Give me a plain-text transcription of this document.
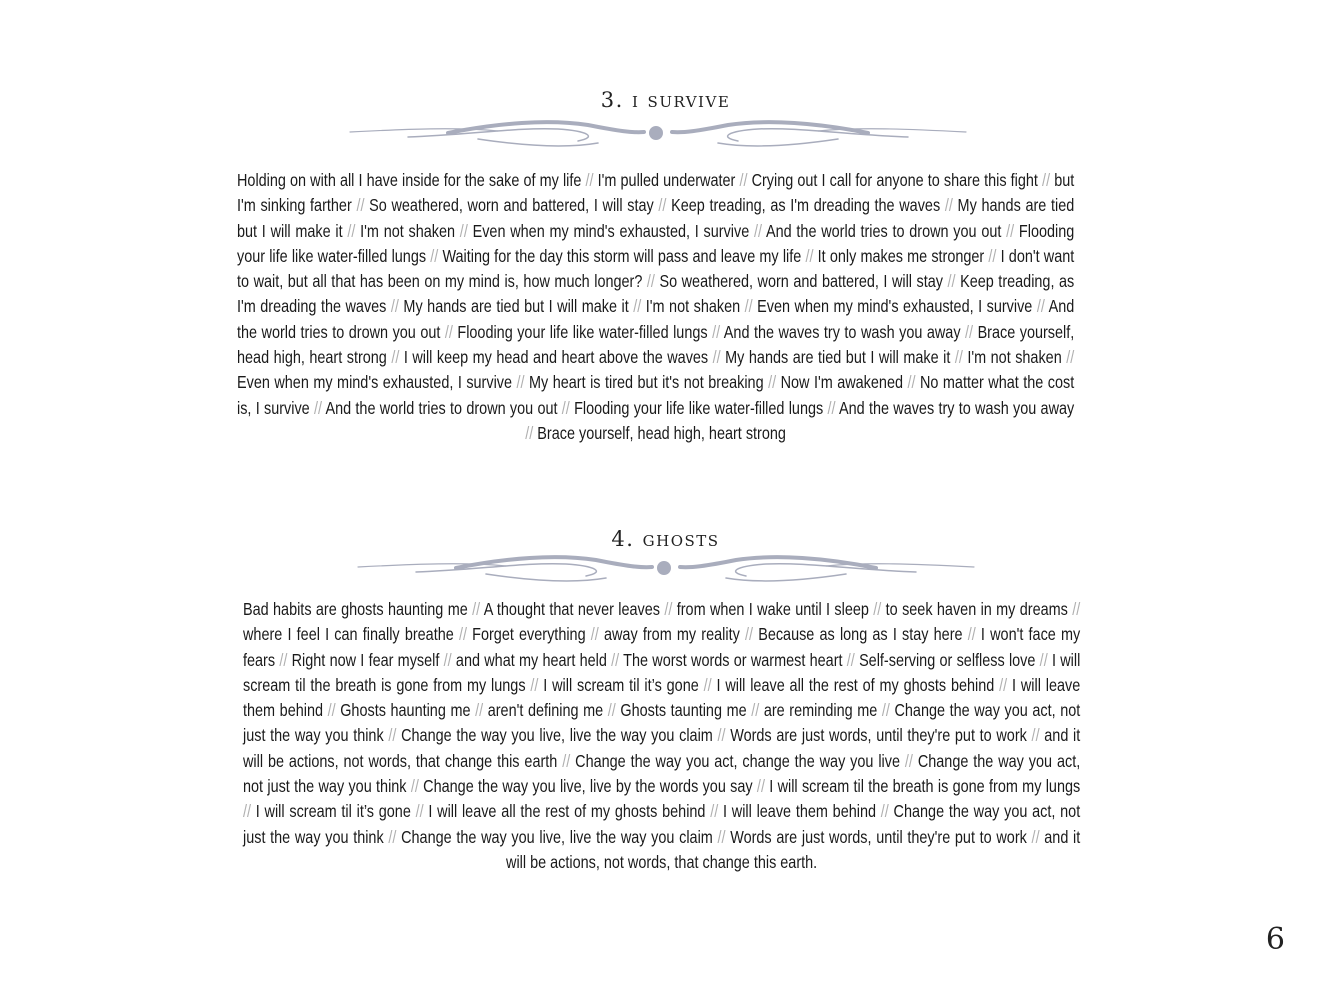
3. i survive

Holding on with all I have inside for the sake of my life // I'm pulled underwater // Crying out I call for anyone to share this fight // but I'm sinking farther // So weathered, worn and battered, I will stay // Keep treading, as I'm dreading the waves // My hands are tied but I will make it // I'm not shaken // Even when my mind's exhausted, I survive // And the world tries to drown you out // Flooding your life like water-filled lungs // Waiting for the day this storm will pass and leave my life // It only makes me stronger // I don't want to wait, but all that has been on my mind is, how much longer? // So weathered, worn and battered, I will stay // Keep treading, as I'm dreading the waves // My hands are tied but I will make it // I'm not shaken // Even when my mind's exhausted, I survive // And the world tries to drown you out // Flooding your life like water-filled lungs // And the waves try to wash you away // Brace yourself, head high, heart strong // I will keep my head and heart above the waves // My hands are tied but I will make it // I'm not shaken // Even when my mind's exhausted, I survive // My heart is tired but it's not breaking // Now I'm awakened // No matter what the cost is, I survive // And the world tries to drown you out // Flooding your life like water-filled lungs // And the waves try to wash you away // Brace yourself, head high, heart strong

4. ghosts

Bad habits are ghosts haunting me // A thought that never leaves // from when I wake until I sleep // to seek haven in my dreams // where I feel I can finally breathe // Forget everything // away from my reality // Because as long as I stay here // I won't face my fears // Right now I fear myself // and what my heart held // The worst words or warmest heart // Self-serving or selfless love // I will scream til the breath is gone from my lungs // I will scream til it’s gone // I will leave all the rest of my ghosts behind // I will leave them behind // Ghosts haunting me // aren't defining me // Ghosts taunting me // are reminding me // Change the way you act, not just the way you think // Change the way you live, live the way you claim // Words are just words, until they're put to work // and it will be actions, not words, that change this earth // Change the way you act, change the way you live // Change the way you act, not just the way you think // Change the way you live, live by the words you say // I will scream til the breath is gone from my lungs // I will scream til it’s gone // I will leave all the rest of my ghosts behind // I will leave them behind // Change the way you act, not just the way you think // Change the way you live, live the way you claim // Words are just words, until they're put to work // and it will be actions, not words, that change this earth.

6
